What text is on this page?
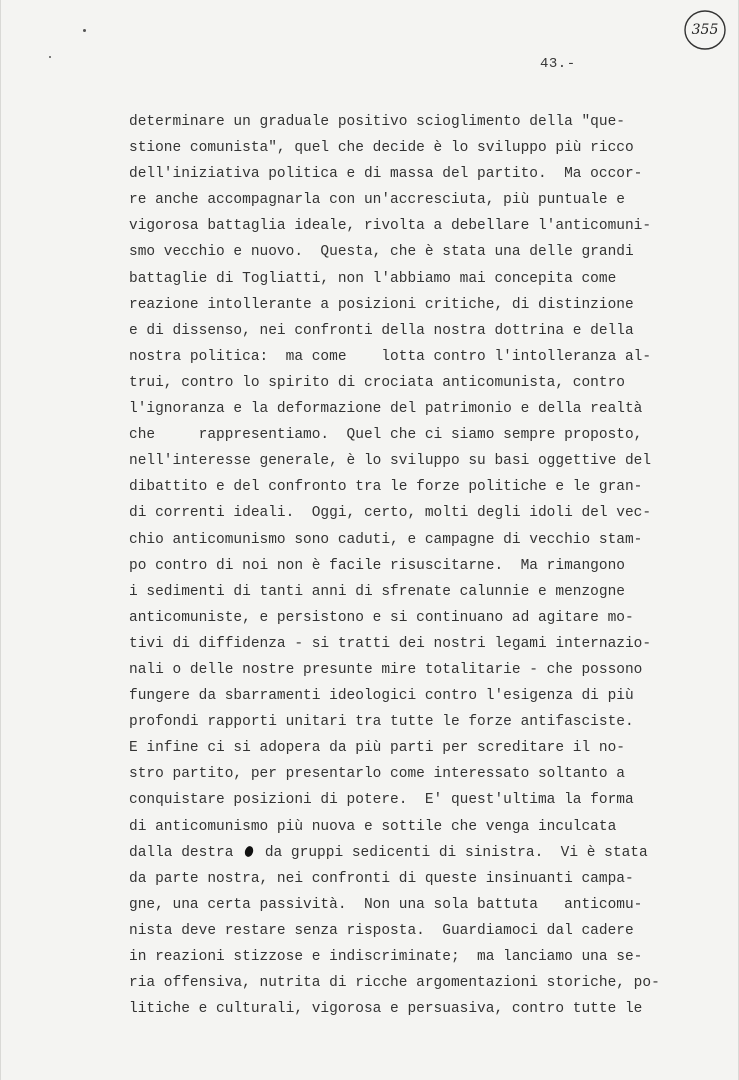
355
43.-
determinare un graduale positivo scioglimento della "que-
stione comunista", quel che decide è lo sviluppo più ricco
dell'iniziativa politica e di massa del partito.  Ma occor-
re anche accompagnarla con un'accresciuta, più puntuale e
vigorosa battaglia ideale, rivolta a debellare l'anticomuni-
smo vecchio e nuovo.  Questa, che è stata una delle grandi
battaglie di Togliatti, non l'abbiamo mai concepita come
reazione intollerante a posizioni critiche, di distinzione
e di dissenso, nei confronti della nostra dottrina e della
nostra politica:  ma come    lotta contro l'intolleranza al-
trui, contro lo spirito di crociata anticomunista, contro
l'ignoranza e la deformazione del patrimonio e della realtà
che     rappresentiamo.  Quel che ci siamo sempre proposto,
nell'interesse generale, è lo sviluppo su basi oggettive del
dibattito e del confronto tra le forze politiche e le gran-
di correnti ideali.  Oggi, certo, molti degli idoli del vec-
chio anticomunismo sono caduti, e campagne di vecchio stam-
po contro di noi non è facile risuscitarne.  Ma rimangono
i sedimenti di tanti anni di sfrenate calunnie e menzogne
anticomuniste, e persistono e si continuano ad agitare mo-
tivi di diffidenza - si tratti dei nostri legami internazio-
nali o delle nostre presunte mire totalitarie - che possono
fungere da sbarramenti ideologici contro l'esigenza di più
profondi rapporti unitari tra tutte le forze antifasciste.
E infine ci si adopera da più parti per screditare il no-
stro partito, per presentarlo come interessato soltanto a
conquistare posizioni di potere.  E' quest'ultima la forma
di anticomunismo più nuova e sottile che venga inculcata
dalla destra  da gruppi sedicenti di sinistra.  Vi è stata
da parte nostra, nei confronti di queste insinuanti campa-
gne, una certa passività.  Non una sola battuta   anticomu-
nista deve restare senza risposta.  Guardiamoci dal cadere
in reazioni stizzose e indiscriminate;  ma lanciamo una se-
ria offensiva, nutrita di ricche argomentazioni storiche, po-
litiche e culturali, vigorosa e persuasiva, contro tutte le
